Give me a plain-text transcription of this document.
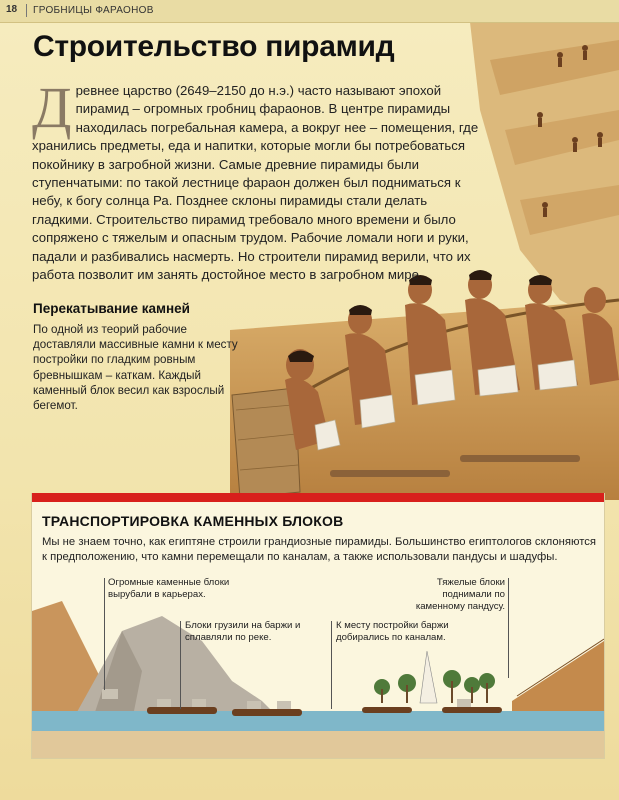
18 ГРОБНИЦЫ ФАРАОНОВ
Строительство пирамид
Д ревнее царство (2649–2150 до н.э.) часто называют эпохой пирамид – огромных гробниц фараонов. В центре пирамиды находилась погребальная камера, а вокруг нее – помещения, где хранились предметы, еда и напитки, которые могли бы потребоваться покойнику в загробной жизни. Самые древние пирамиды были ступенчатыми: по такой лестнице фараон должен был подниматься к небу, к богу солнца Ра. Позднее склоны пирамиды стали делать гладкими. Строительство пирамид требовало много времени и было сопряжено с тяжелым и опасным трудом. Рабочие ломали ноги и руки, падали и разбивались насмерть. Но строители пирамид верили, что их работа позволит им занять достойное место в загробном мире.

Перекатывание камней

По одной из теорий рабочие доставляли массивные камни к месту постройки по гладким ровным бревнышкам – каткам. Каждый каменный блок весил как взрослый бегемот.

ТРАНСПОРТИРОВКА КАМЕННЫХ БЛОКОВ

Мы не знаем точно, как египтяне строили грандиозные пирамиды. Большинство египтологов склоняются к предположению, что камни перемещали по каналам, а также использовали пандусы и шадуфы.

Огромные каменные блоки вырубали в карьерах.
Блоки грузили на баржи и сплавляли по реке.
К месту постройки баржи добирались по каналам.
Тяжелые блоки поднимали по каменному пандусу.
